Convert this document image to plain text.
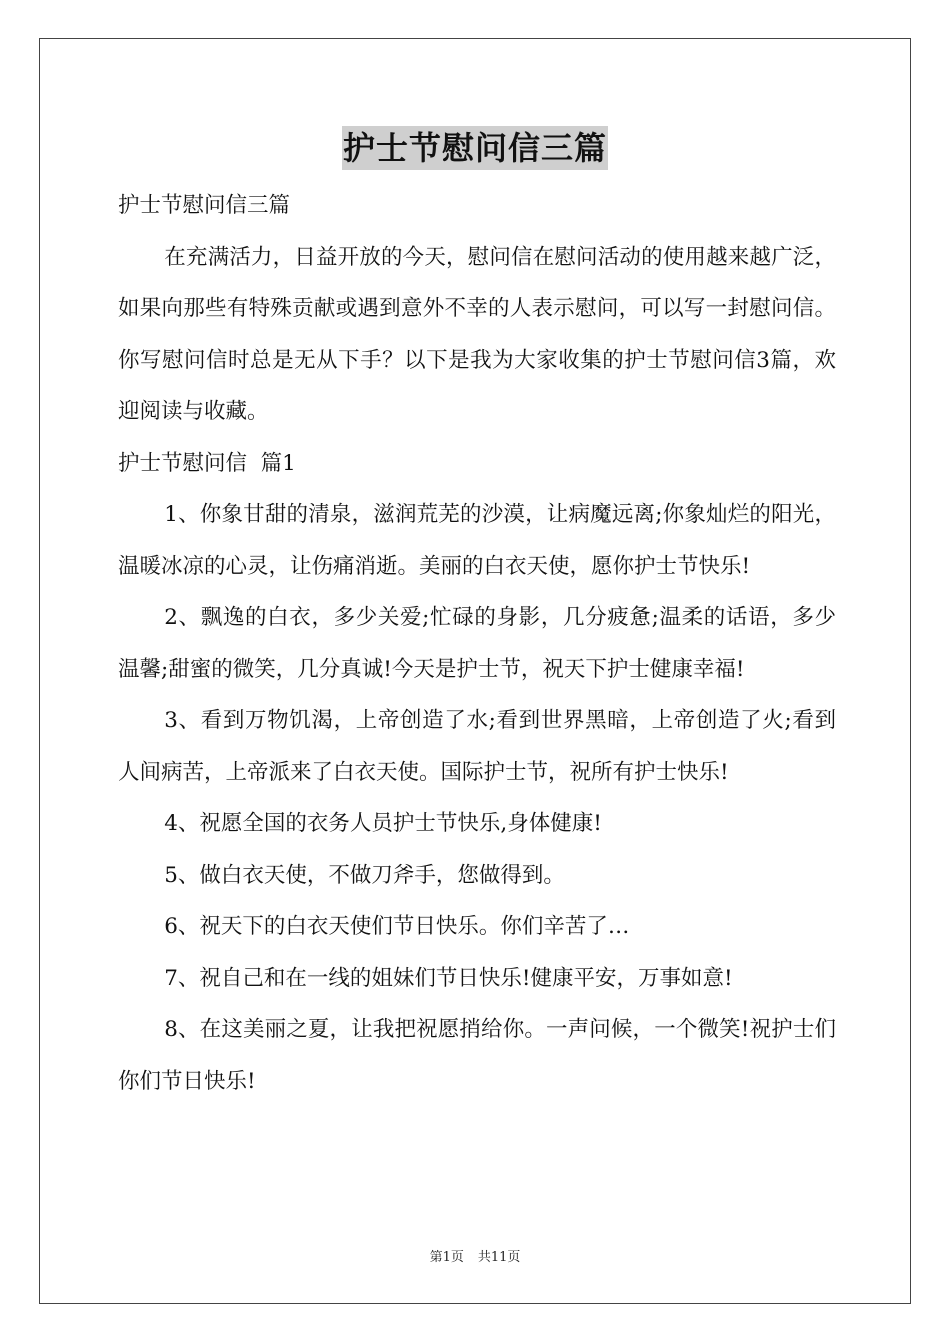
护士节慰问信三篇

护士节慰问信三篇

在充满活力，日益开放的今天，慰问信在慰问活动的使用越来越广泛，如果向那些有特殊贡献或遇到意外不幸的人表示慰问，可以写一封慰问信。你写慰问信时总是无从下手？以下是我为大家收集的护士节慰问信3篇，欢迎阅读与收藏。

护士节慰问信  篇1

1、你象甘甜的清泉，滋润荒芜的沙漠，让病魔远离;你象灿烂的阳光，温暖冰凉的心灵，让伤痛消逝。美丽的白衣天使，愿你护士节快乐!

2、飘逸的白衣，多少关爱;忙碌的身影，几分疲惫;温柔的话语，多少温馨;甜蜜的微笑，几分真诚!今天是护士节，祝天下护士健康幸福!

3、看到万物饥渴，上帝创造了水;看到世界黑暗，上帝创造了火;看到人间病苦，上帝派来了白衣天使。国际护士节，祝所有护士快乐!

4、祝愿全国的衣务人员护士节快乐,身体健康!

5、做白衣天使，不做刀斧手，您做得到。

6、祝天下的白衣天使们节日快乐。你们辛苦了…

7、祝自己和在一线的姐妹们节日快乐!健康平安，万事如意!

8、在这美丽之夏，让我把祝愿捎给你。一声问候，一个微笑!祝护士们你们节日快乐!

第1页 共11页
